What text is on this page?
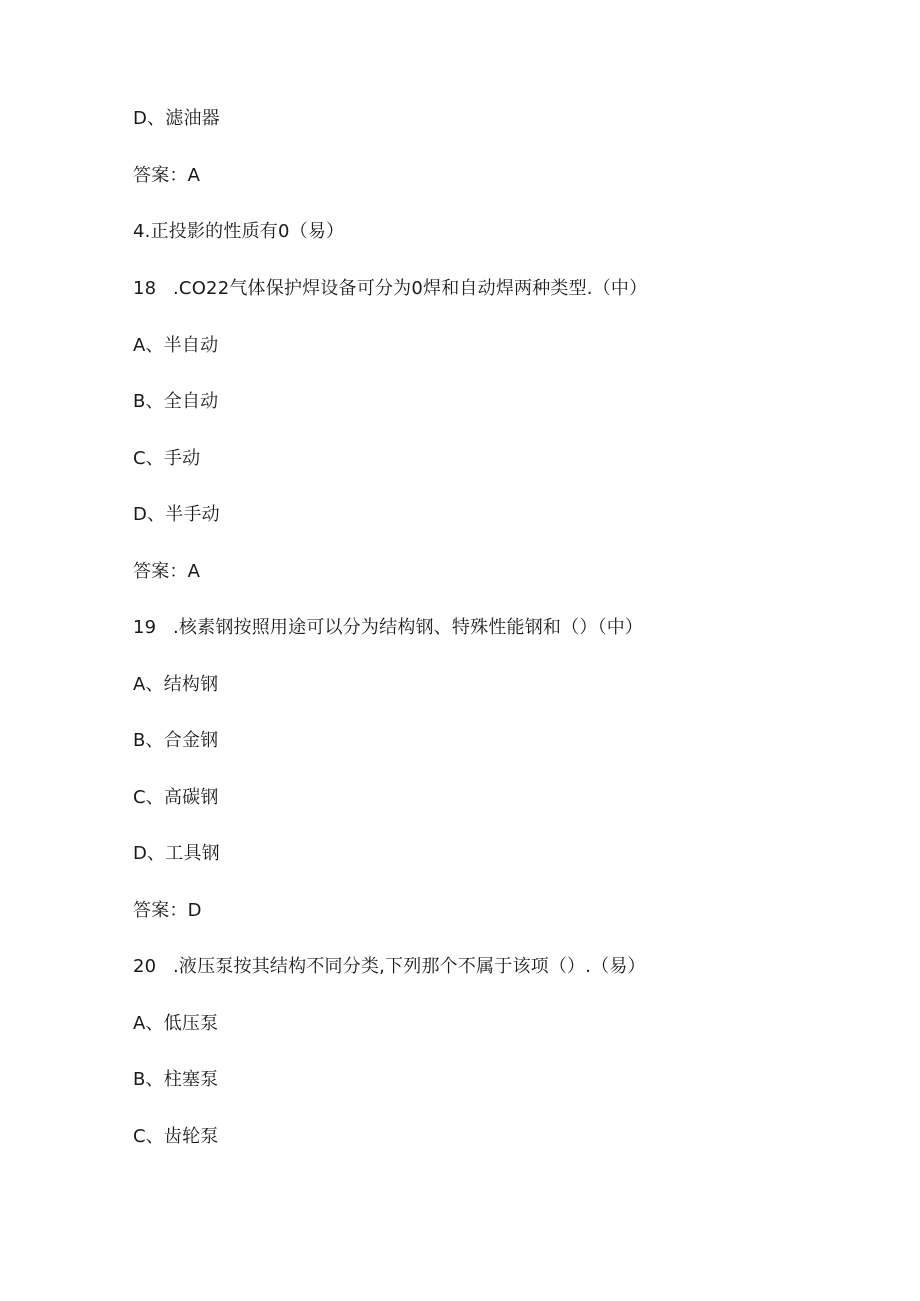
D、滤油器
答案：A
4.正投影的性质有0（易）
18 .CO22气体保护焊设备可分为0焊和自动焊两种类型.（中）
A、半自动
B、全自动
C、手动
D、半手动
答案：A
19 .核素钢按照用途可以分为结构钢、特殊性能钢和（）（中）
A、结构钢
B、合金钢
C、高碳钢
D、工具钢
答案：D
20 .液压泵按其结构不同分类,下列那个不属于该项（）.（易）
A、低压泵
B、柱塞泵
C、齿轮泵
